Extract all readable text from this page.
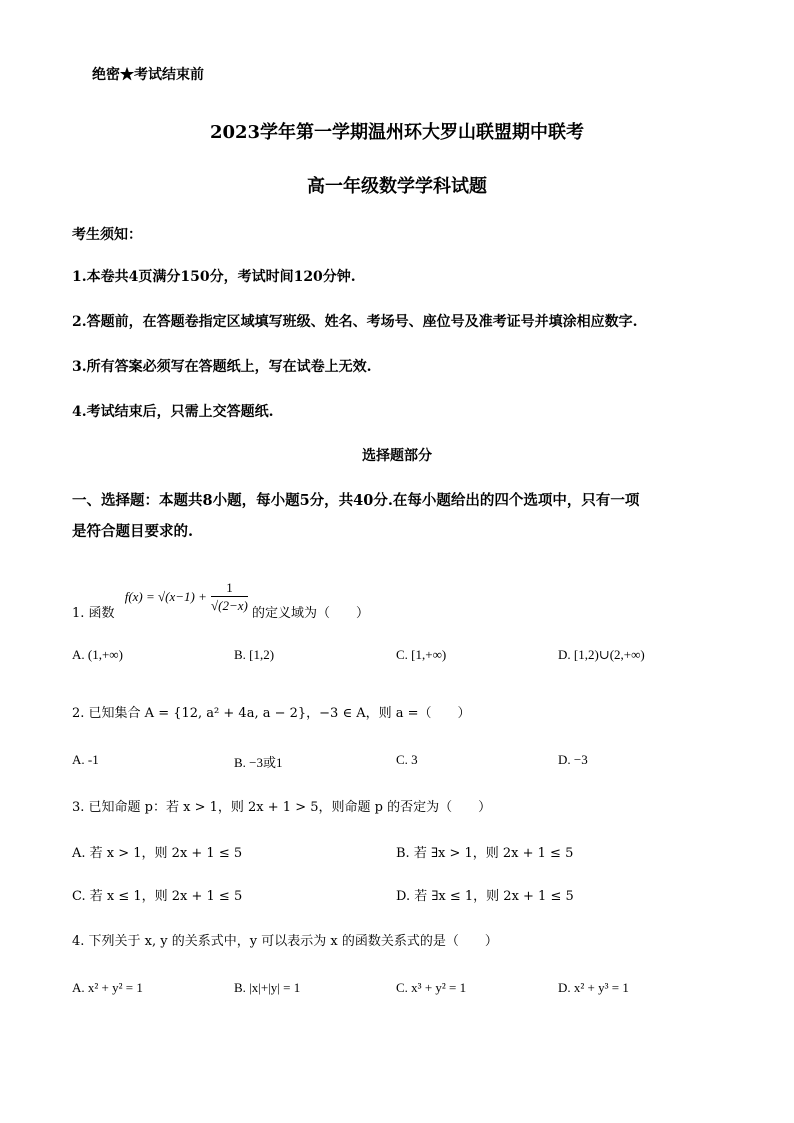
绝密★考试结束前
2023学年第一学期温州环大罗山联盟期中联考
高一年级数学学科试题
考生须知：
1.本卷共4页满分150分，考试时间120分钟.
2.答题前，在答题卷指定区域填写班级、姓名、考场号、座位号及准考证号并填涂相应数字.
3.所有答案必须写在答题纸上，写在试卷上无效.
4.考试结束后，只需上交答题纸.
选择题部分
一、选择题：本题共8小题，每小题5分，共40分.在每小题给出的四个选项中，只有一项
是符合题目要求的.
1. 函数 $f(x) = √(x-1) + \frac{1}{√(2-x)}$ 的定义域为（　　）
A. (1,+∞)	B. [1,2)	C. [1,+∞)	D. [1,2)∪(2,+∞)
2. 已知集合 A = {12, a² + 4a, a − 2}，−3 ∈ A，则 a =（　　）
A. -1	B. −3或1	C. 3	D. −3
3. 已知命题 p：若 x > 1，则 2x + 1 > 5，则命题 p 的否定为（　　）
A. 若 x > 1，则 2x + 1 ≤ 5	B. 若 ∃x > 1，则 2x + 1 ≤ 5
C. 若 x ≤ 1，则 2x + 1 ≤ 5	D. 若 ∃x ≤ 1，则 2x + 1 ≤ 5
4. 下列关于 x, y 的关系式中，y 可以表示为 x 的函数关系式的是（　　）
A. x² + y² = 1	B. |x|+|y| = 1	C. x³ + y² = 1	D. x² + y³ = 1
